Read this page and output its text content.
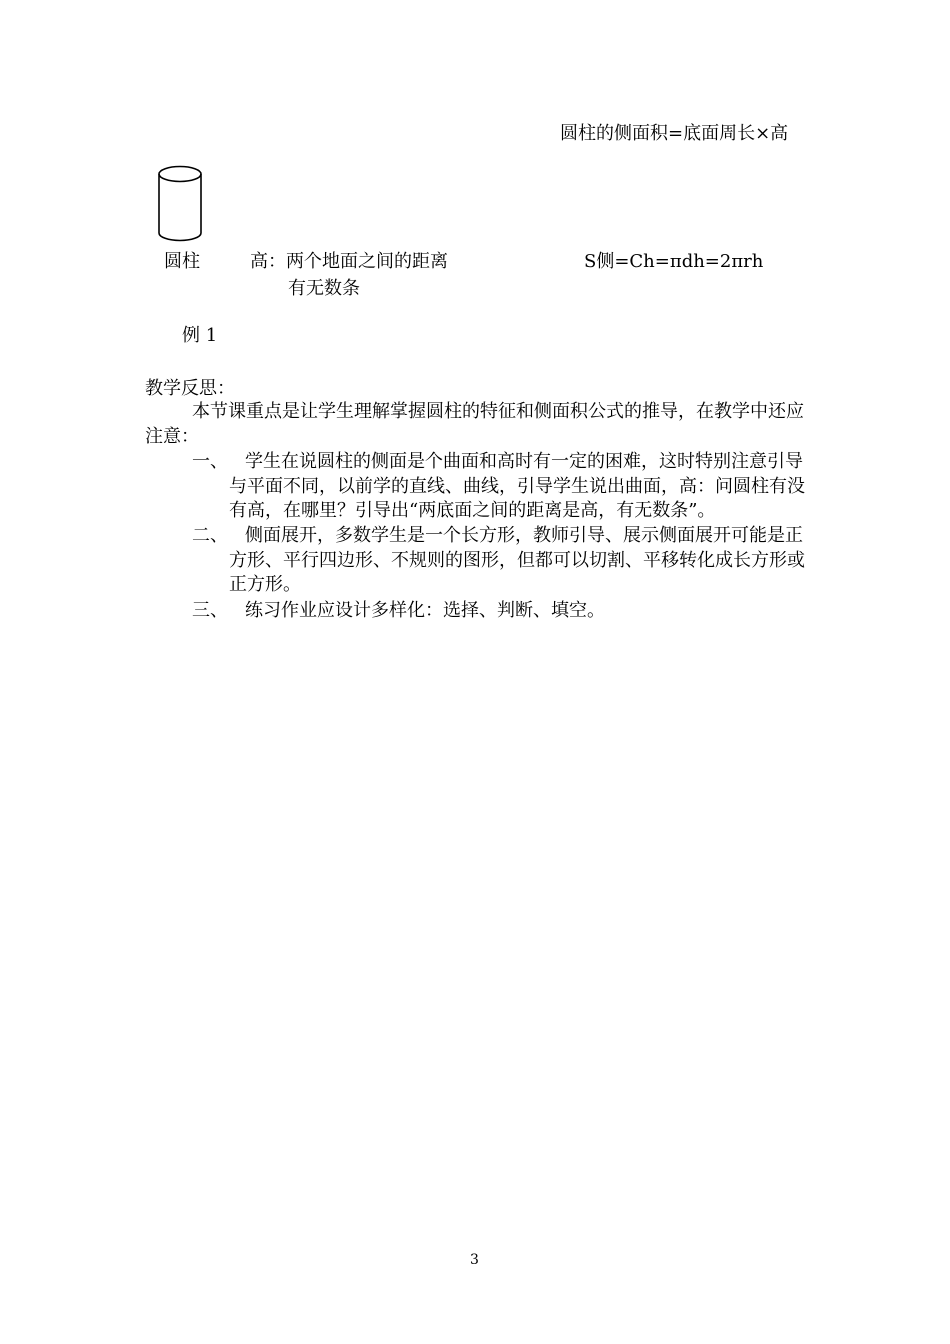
圆柱的侧面积=底面周长×高
圆柱	高：两个地面之间的距离	S侧=Ch=πdh=2πrh
有无数条
例 1
教学反思：
本节课重点是让学生理解掌握圆柱的特征和侧面积公式的推导，在教学中还应注意：
一、 学生在说圆柱的侧面是个曲面和高时有一定的困难，这时特别注意引导与平面不同，以前学的直线、曲线，引导学生说出曲面，高：问圆柱有没有高，在哪里？引导出“两底面之间的距离是高，有无数条”。
二、 侧面展开，多数学生是一个长方形，教师引导、展示侧面展开可能是正方形、平行四边形、不规则的图形，但都可以切割、平移转化成长方形或正方形。
三、 练习作业应设计多样化：选择、判断、填空。
3
